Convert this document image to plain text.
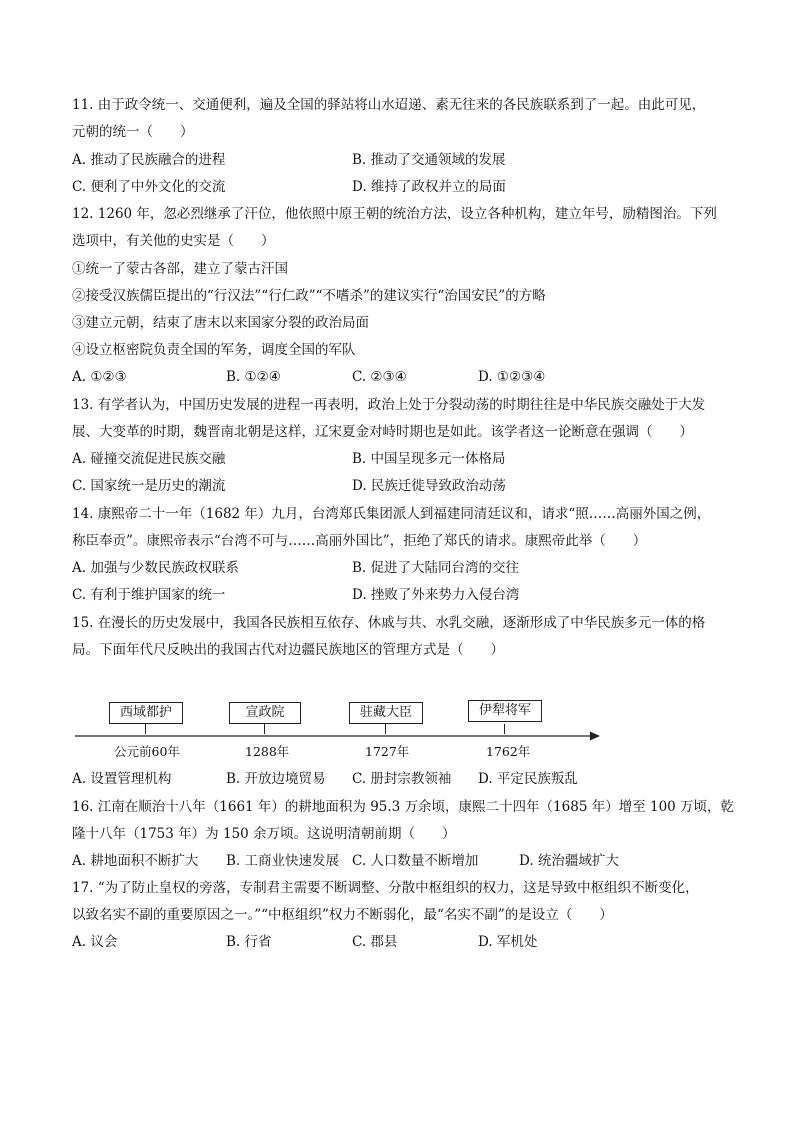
11. 由于政令统一、交通便利，遍及全国的驿站将山水迢递、素无往来的各民族联系到了一起。由此可见，
元朝的统一（　　）
A. 推动了民族融合的进程	B. 推动了交通领域的发展
C. 便利了中外文化的交流	D. 维持了政权并立的局面
12. 1260 年，忽必烈继承了汗位，他依照中原王朝的统治方法，设立各种机构，建立年号，励精图治。下列
选项中，有关他的史实是（　　）
①统一了蒙古各部，建立了蒙古汗国
②接受汉族儒臣提出的“行汉法”“行仁政”“不嗜杀”的建议实行“治国安民”的方略
③建立元朝，结束了唐末以来国家分裂的政治局面
④设立枢密院负责全国的军务，调度全国的军队
A. ①②③	B. ①②④	C. ②③④	D. ①②③④
13. 有学者认为，中国历史发展的进程一再表明，政治上处于分裂动荡的时期往往是中华民族交融处于大发
展、大变革的时期，魏晋南北朝是这样，辽宋夏金对峙时期也是如此。该学者这一论断意在强调（　　）
A. 碰撞交流促进民族交融	B. 中国呈现多元一体格局
C. 国家统一是历史的潮流	D. 民族迁徙导致政治动荡
14. 康熙帝二十一年（1682 年）九月，台湾郑氏集团派人到福建同清廷议和，请求“照……高丽外国之例，
称臣奉贡”。康熙帝表示“台湾不可与……高丽外国比”，拒绝了郑氏的请求。康熙帝此举（　　）
A. 加强与少数民族政权联系	B. 促进了大陆同台湾的交往
C. 有利于维护国家的统一	D. 挫败了外来势力入侵台湾
15. 在漫长的历史发展中，我国各民族相互依存、休戚与共、水乳交融，逐渐形成了中华民族多元一体的格
局。下面年代尺反映出的我国古代对边疆民族地区的管理方式是（　　）
西域都护
公元前60年
宣政院
1288年
驻藏大臣
1727年
伊犁将军
1762年
A. 设置管理机构	B. 开放边境贸易 C. 册封宗教领袖 D. 平定民族叛乱
16. 江南在顺治十八年（1661 年）的耕地面积为 95.3 万余顷，康熙二十四年（1685 年）增至 100 万顷，乾
隆十八年（1753 年）为 150 余万顷。这说明清朝前期（　　）
A. 耕地面积不断扩大 B. 工商业快速发展 C. 人口数量不断增加	D. 统治疆域扩大
17. “为了防止皇权的旁落，专制君主需要不断调整、分散中枢组织的权力，这是导致中枢组织不断变化，
以致名实不副的重要原因之一。”“中枢组织”权力不断弱化，最“名实不副”的是设立（　　）
A. 议会	B. 行省	C. 郡县	D. 军机处
